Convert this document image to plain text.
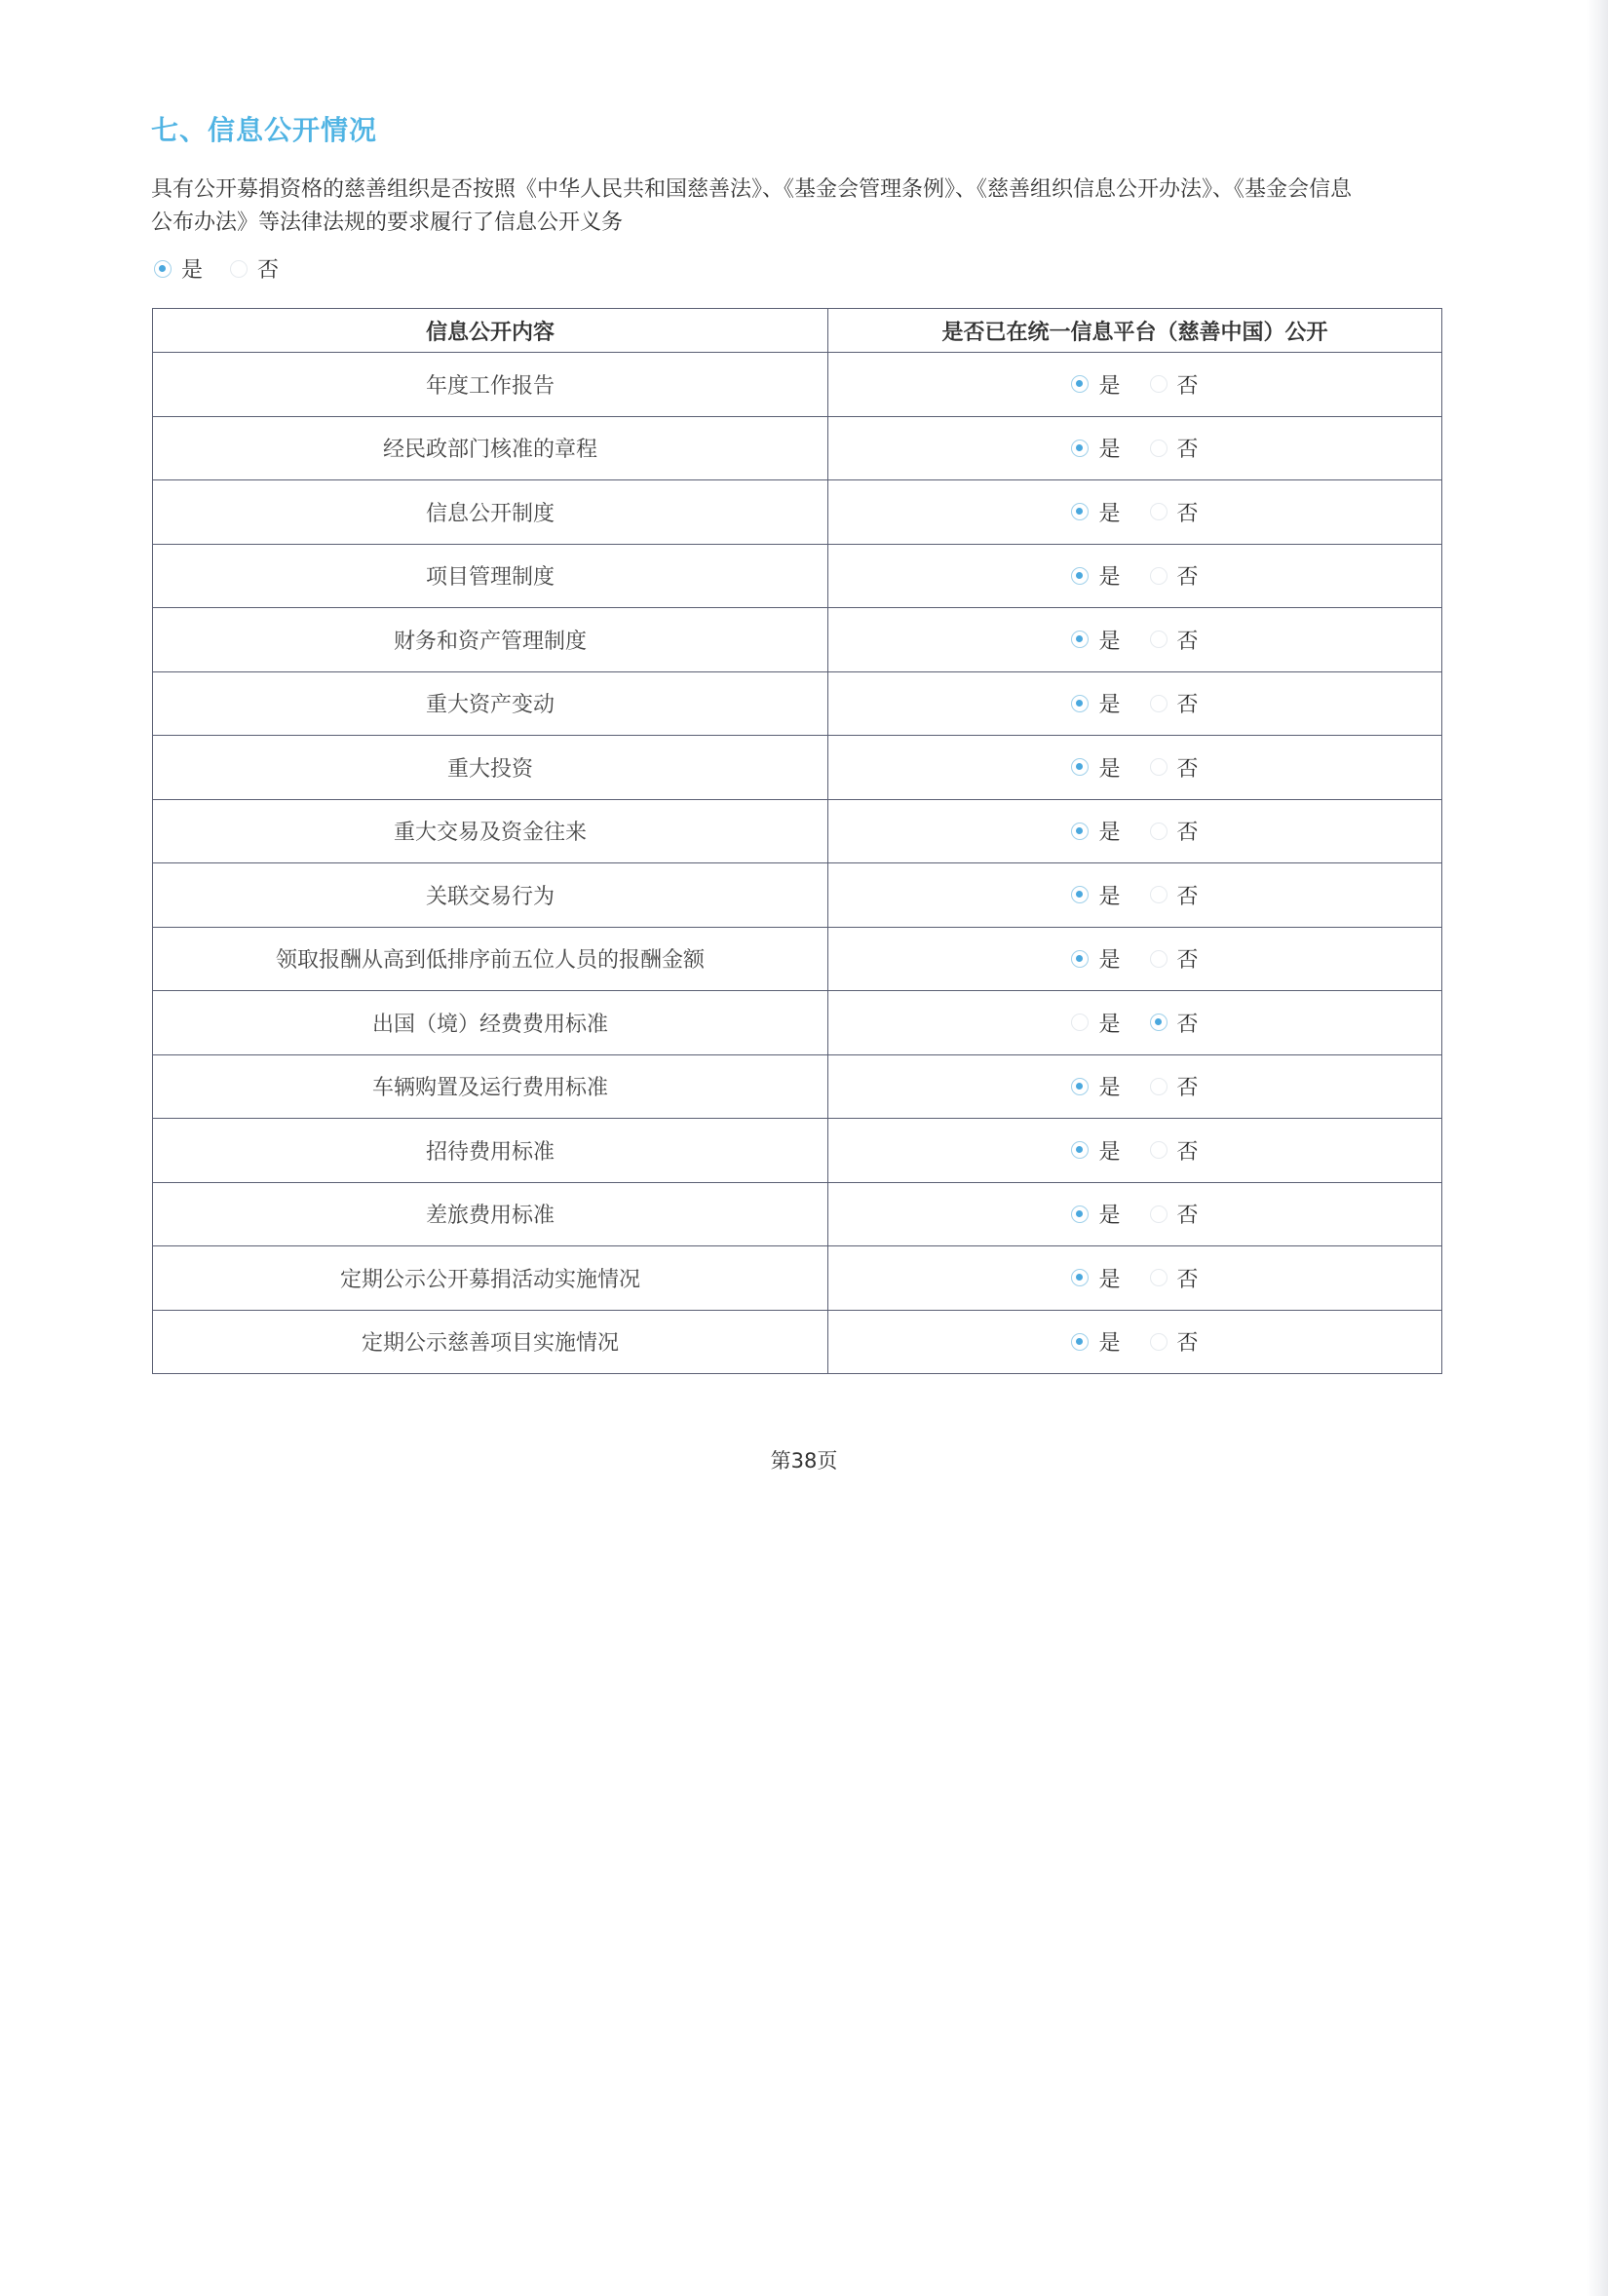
七、信息公开情况

具有公开募捐资格的慈善组织是否按照《中华人民共和国慈善法》、《基金会管理条例》、《慈善组织信息公开办法》、《基金会信息

公布办法》等法律法规的要求履行了信息公开义务

是	否
信息公开内容	是否已在统一信息平台（慈善中国）公开
年度工作报告	是 否

经民政部门核准的章程	是 否

信息公开制度	是 否

项目管理制度	是 否

财务和资产管理制度	是 否

重大资产变动	是 否

重大投资	是 否

重大交易及资金往来	是 否

关联交易行为	是 否

领取报酬从高到低排序前五位人员的报酬金额	是 否

出国（境）经费费用标准	是 否

车辆购置及运行费用标准	是 否

招待费用标准	是 否

差旅费用标准	是 否

定期公示公开募捐活动实施情况	是 否

定期公示慈善项目实施情况	是 否
第38页
